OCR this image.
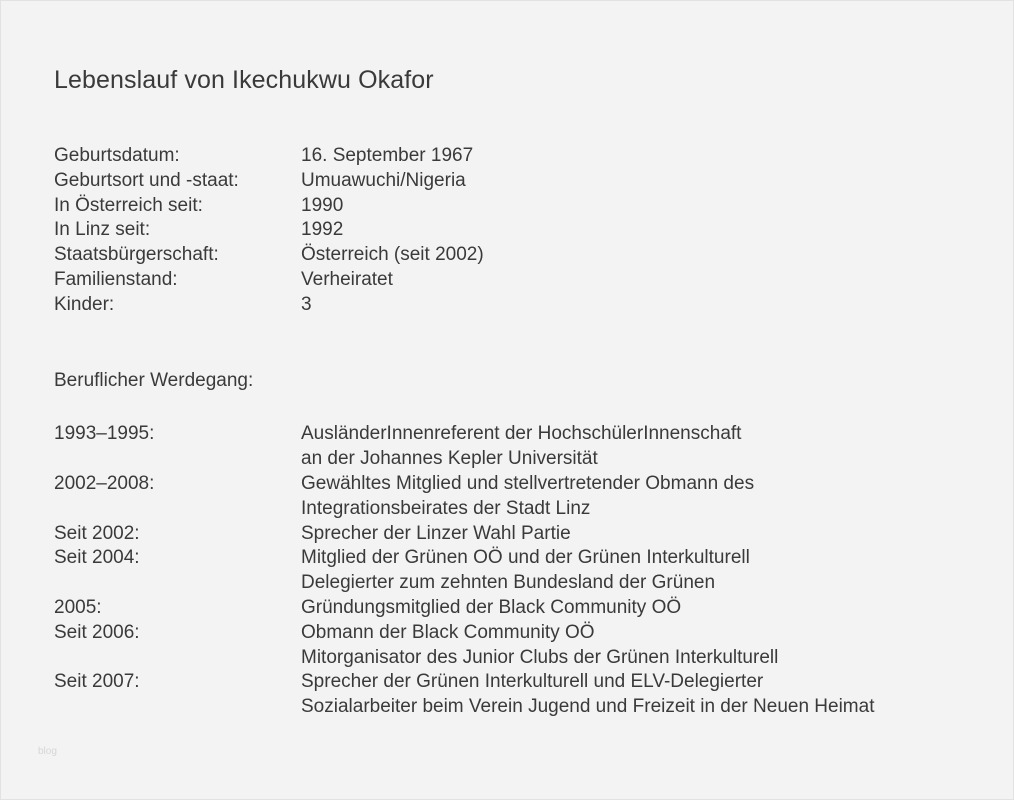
Lebenslauf von Ikechukwu Okafor
Geburtsdatum:	16. September 1967
Geburtsort und -staat:	Umuawuchi/Nigeria
In Österreich seit:	1990
In Linz seit:	1992
Staatsbürgerschaft:	Österreich (seit 2002)
Familienstand:	Verheiratet
Kinder:	3
Beruflicher Werdegang:
1993–1995:	AusländerInnenreferent der HochschülerInnenschaft
an der Johannes Kepler Universität
2002–2008:	Gewähltes Mitglied und stellvertretender Obmann des
Integrationsbeirates der Stadt Linz
Seit 2002:	Sprecher der Linzer Wahl Partie
Seit 2004:	Mitglied der Grünen OÖ und der Grünen Interkulturell
Delegierter zum zehnten Bundesland der Grünen
2005:	Gründungsmitglied der Black Community OÖ
Seit 2006:	Obmann der Black Community OÖ
Mitorganisator des Junior Clubs der Grünen Interkulturell
Seit 2007:	Sprecher der Grünen Interkulturell und ELV-Delegierter
Sozialarbeiter beim Verein Jugend und Freizeit in der Neuen Heimat
blog
